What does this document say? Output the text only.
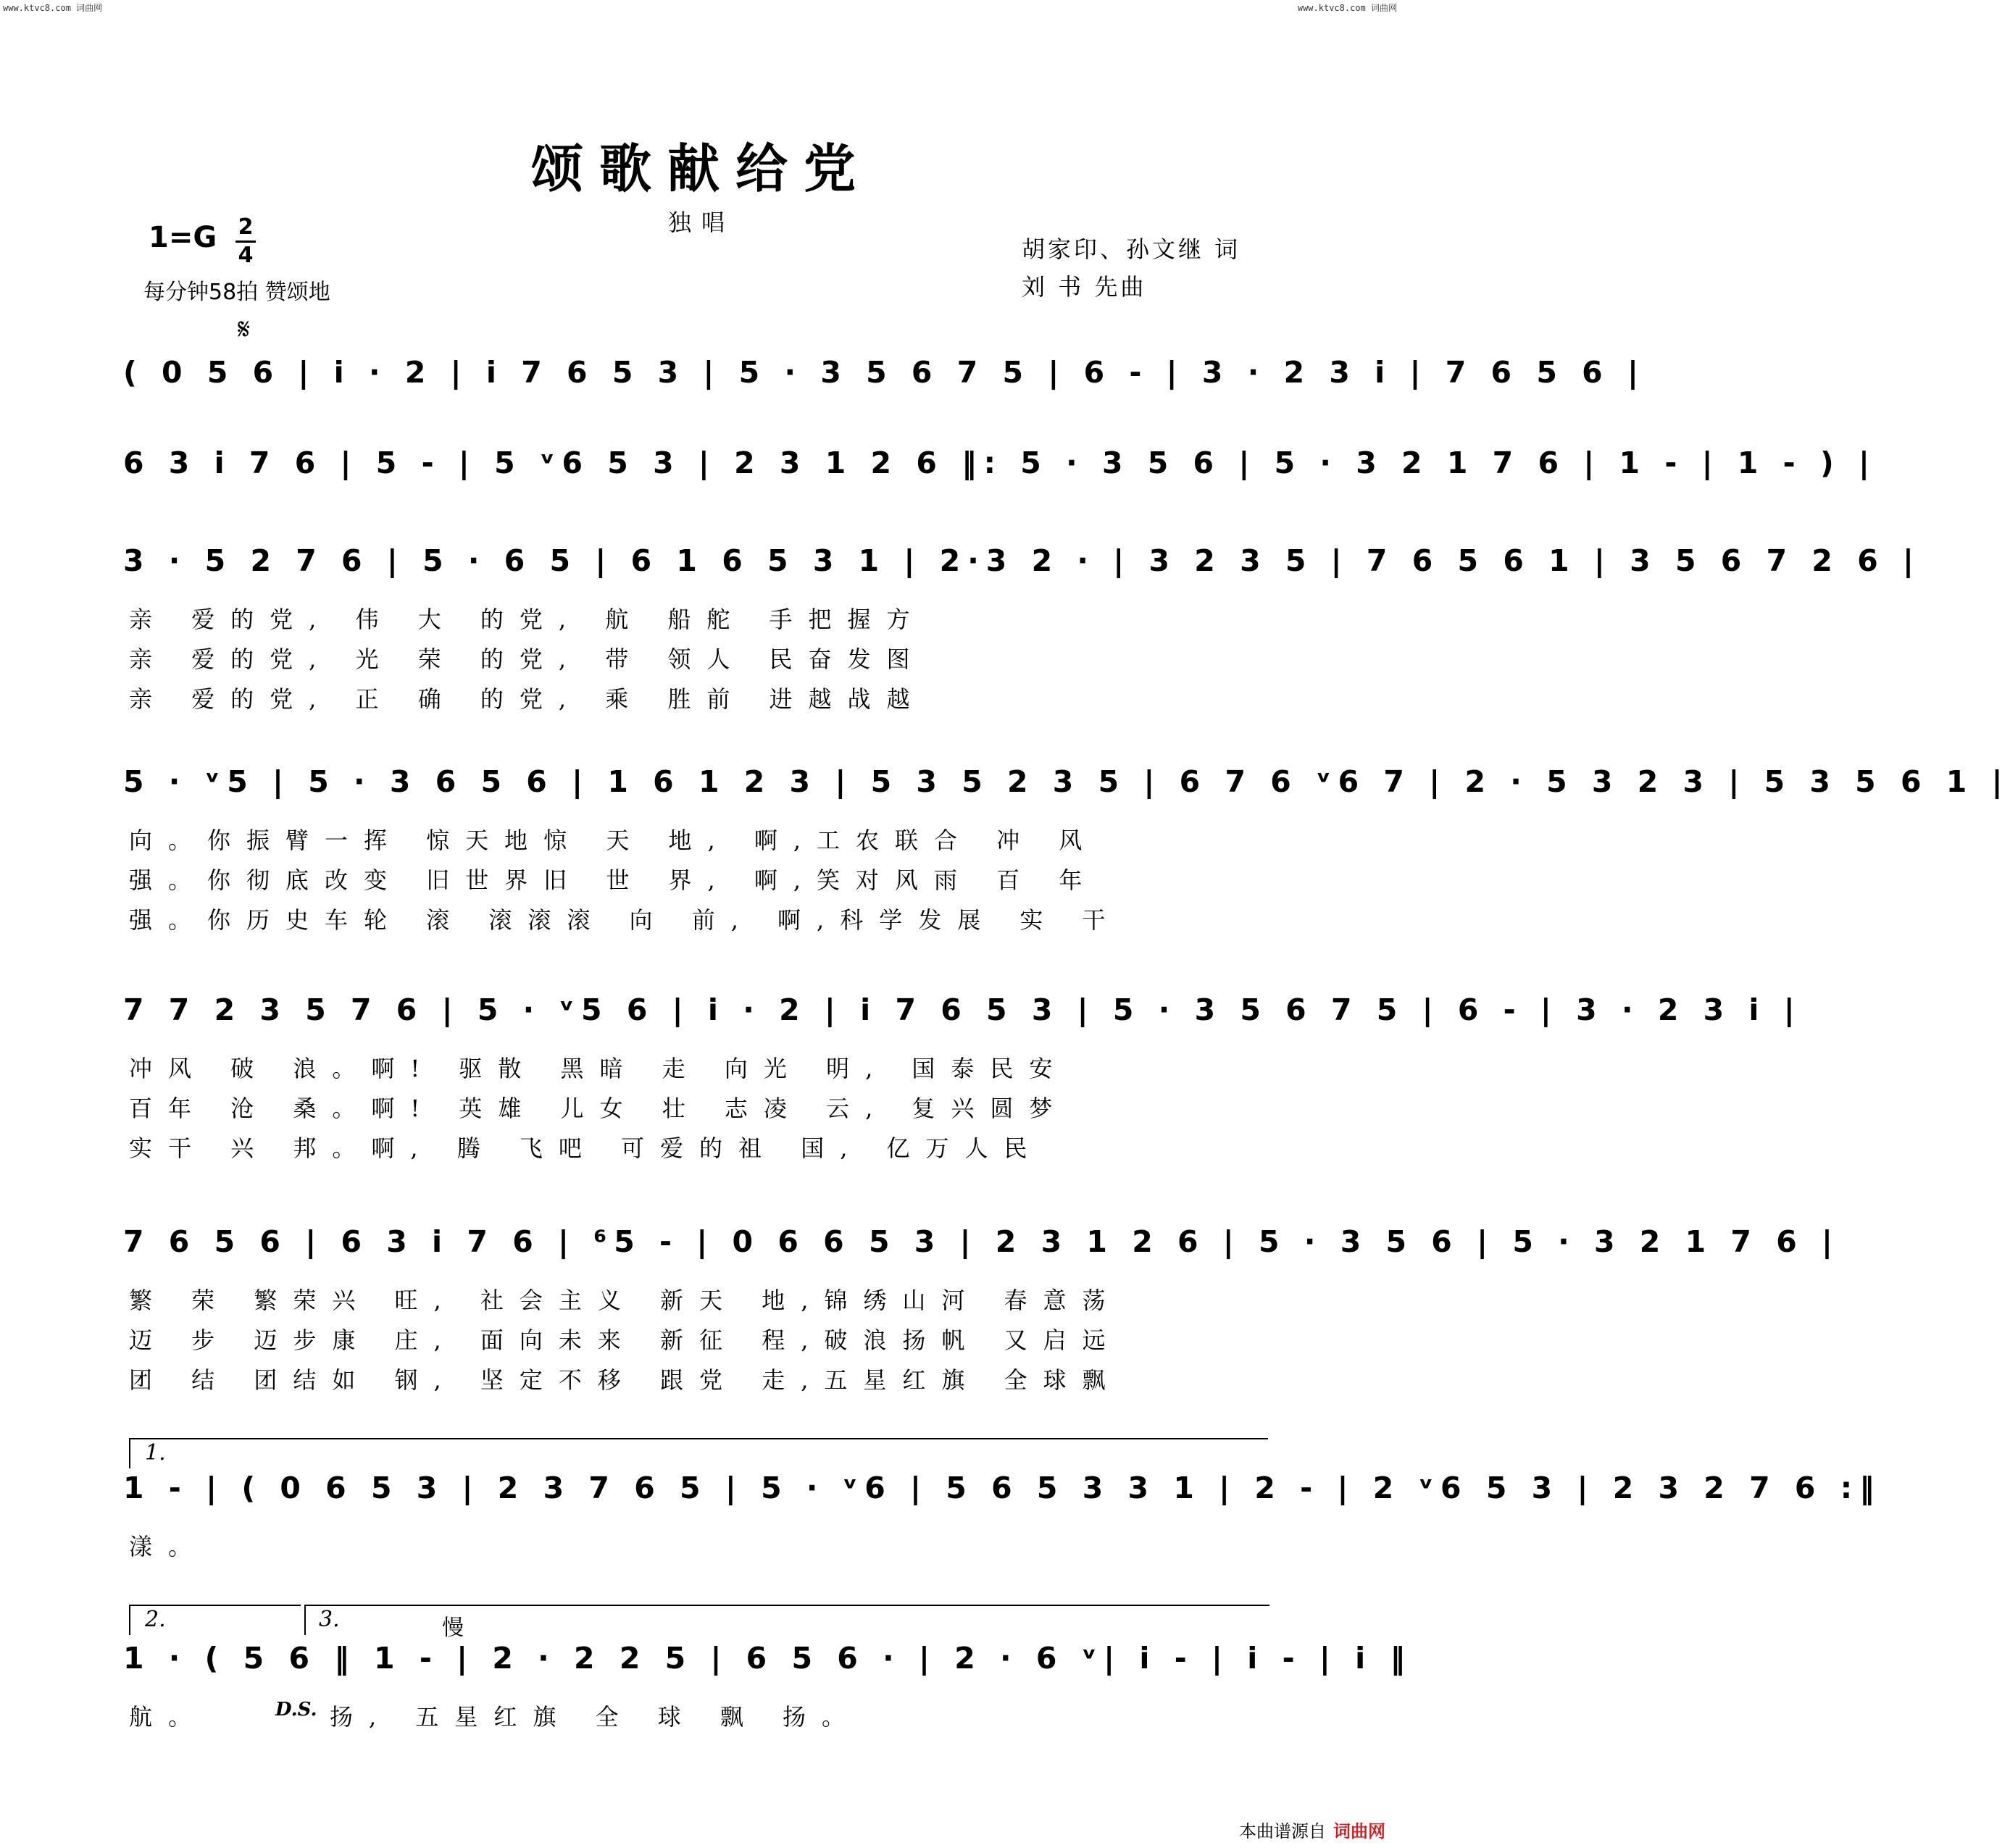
www.ktvc8.com 词曲网	www.ktvc8.com 词曲网
颂歌献给党
独唱
1=G 2
4
每分钟58拍 赞颂地
胡家印、孙文继 词
刘 书 先曲
𝄋
( 0 5 6 | i · 2 | i 7 6 5 3 | 5 · 3 5 6 7 5 | 6 - | 3 · 2 3 i | 7 6 5 6 |
6 3 i 7 6 | 5 - | 5 ᵛ6 5 3 | 2 3 1 2 6 ‖: 5 · 3 5 6 | 5 · 3 2 1 7 6 | 1 - | 1 - ) |
3 · 5 2 7 6 | 5 · 6 5 | 6 1 6 5 3 1 | 2·3 2 · | 3 2 3 5 | 7 6 5 6 1 | 3 5 6 7 2 6 |
亲 爱的党, 伟 大 的党, 航 船舵 手把握方
亲 爱的党, 光 荣 的党, 带 领人 民奋发图
亲 爱的党, 正 确 的党, 乘 胜前 进越战越
5 · ᵛ5 | 5 · 3 6 5 6 | 1 6 1 2 3 | 5 3 5 2 3 5 | 6 7 6 ᵛ6 7 | 2 · 5 3 2 3 | 5 3 5 6 1 |
向。你振臂一挥 惊天地惊 天 地, 啊,工农联合 冲 风
强。你彻底改变 旧世界旧 世 界, 啊,笑对风雨 百 年
强。你历史车轮 滚 滚滚滚 向 前, 啊,科学发展 实 干
7 7 2 3 5 7 6 | 5 · ᵛ5 6 | i · 2 | i 7 6 5 3 | 5 · 3 5 6 7 5 | 6 - | 3 · 2 3 i |
冲风 破 浪。啊! 驱散 黑暗 走 向光 明, 国泰民安
百年 沧 桑。啊! 英雄 儿女 壮 志凌 云, 复兴圆梦
实干 兴 邦。啊, 腾 飞吧 可爱的祖 国, 亿万人民
7 6 5 6 | 6 3 i 7 6 | ⁶5 - | 0 6 6 5 3 | 2 3 1 2 6 | 5 · 3 5 6 | 5 · 3 2 1 7 6 |
繁 荣 繁荣兴 旺, 社会主义 新天 地,锦绣山河 春意荡
迈 步 迈步康 庄, 面向未来 新征 程,破浪扬帆 又启远
团 结 团结如 钢, 坚定不移 跟党 走,五星红旗 全球飘
1.
1 - | ( 0 6 5 3 | 2 3 7 6 5 | 5 · ᵛ6 | 5 6 5 3 3 1 | 2 - | 2 ᵛ6 5 3 | 2 3 2 7 6 :‖
漾。
2.	3.	慢
1 · ( 5 6 ‖ 1 - | 2 · 2 2 5 | 6 5 6 · | 2 · 6 ᵛ| i - | i - | i ‖
航。	D.S. 扬, 五星红旗 全 球 飘 扬。
本曲谱源自 词曲网
